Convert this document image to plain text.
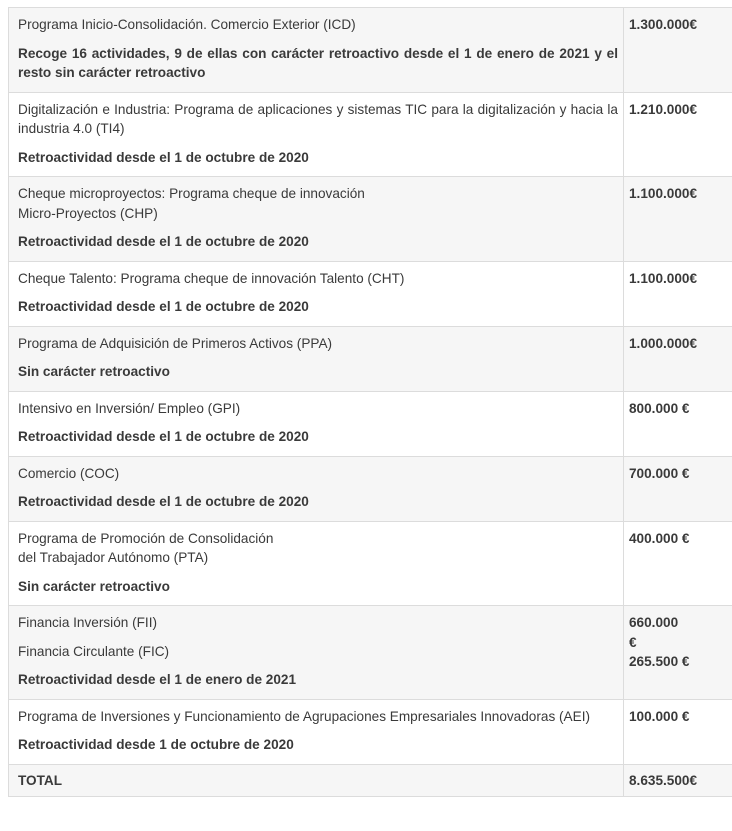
Programa Inicio-Consolidación. Comercio Exterior (ICD)
Recoge 16 actividades, 9 de ellas con carácter retroactivo desde el 1 de enero de 2021 y el resto sin carácter retroactivo	1.300.000€

Digitalización e Industria: Programa de aplicaciones y sistemas TIC para la digitalización y hacia la industria 4.0 (TI4)
Retroactividad desde el 1 de octubre de 2020	1.210.000€

Cheque microproyectos: Programa cheque de innovación
Micro-Proyectos (CHP)
Retroactividad desde el 1 de octubre de 2020	1.100.000€

Cheque Talento: Programa cheque de innovación Talento (CHT)
Retroactividad desde el 1 de octubre de 2020	1.100.000€

Programa de Adquisición de Primeros Activos (PPA)
Sin carácter retroactivo	1.000.000€

Intensivo en Inversión/ Empleo (GPI)
Retroactividad desde el 1 de octubre de 2020	800.000 €

Comercio (COC)
Retroactividad desde el 1 de octubre de 2020	700.000 €

Programa de Promoción de Consolidación
del Trabajador Autónomo (PTA)
Sin carácter retroactivo	400.000 €

Financia Inversión (FII)
Financia Circulante (FIC)
Retroactividad desde el 1 de enero de 2021	660.000
€
265.500 €

Programa de Inversiones y Funcionamiento de Agrupaciones Empresariales Innovadoras (AEI)
Retroactividad desde 1 de octubre de 2020	100.000 €

TOTAL	8.635.500€
